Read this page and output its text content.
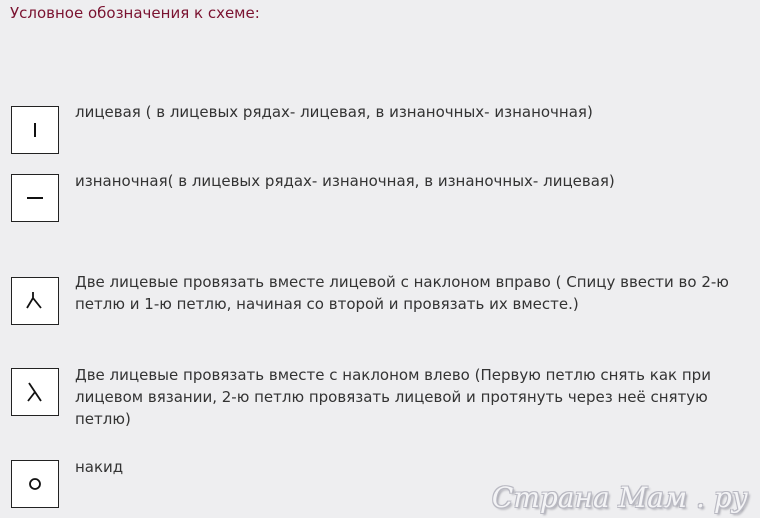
Условное обозначения к схеме:
лицевая ( в лицевых рядах- лицевая, в изнаночных- изнаночная)
изнаночная( в лицевых рядах- изнаночная, в изнаночных- лицевая)
Две лицевые провязать вместе лицевой с наклоном вправо ( Спицу ввести во 2-ю петлю и 1-ю петлю, начиная со второй и провязать их вместе.)
Две лицевые провязать вместе с наклоном влево (Первую петлю снять как при лицевом вязании, 2-ю петлю провязать лицевой и протянуть через неё снятую петлю)
накид
Страна Мам . ру
